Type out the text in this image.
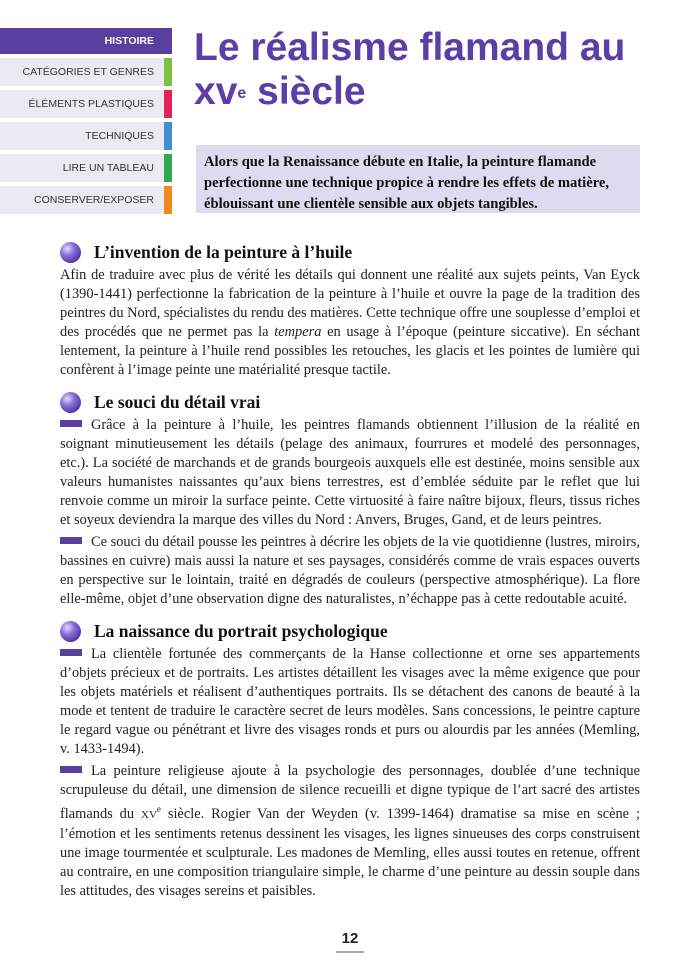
HISTOIRE
CATÉGORIES ET GENRES
ÉLÉMENTS PLASTIQUES
TECHNIQUES
LIRE UN TABLEAU
CONSERVER/EXPOSER
Le réalisme flamand au
$xv^e$ siècle
Alors que la Renaissance débute en Italie, la peinture flamande perfectionne une technique propice à rendre les effets de matière, éblouissant une clientèle sensible aux objets tangibles.
L’invention de la peinture à l’huile

Afin de traduire avec plus de vérité les détails qui donnent une réalité aux sujets peints, Van Eyck (1390-1441) perfectionne la fabrication de la peinture à l’huile et ouvre la page de la tradition des peintres du Nord, spécialistes du rendu des matières. Cette technique offre une souplesse d’emploi et des procédés que ne permet pas la tempera en usage à l’époque (peinture siccative). En séchant lentement, la peinture à l’huile rend possibles les retouches, les glacis et les pointes de lumière qui confèrent à l’image peinte une matérialité presque tactile.

Le souci du détail vrai

Grâce à la peinture à l’huile, les peintres flamands obtiennent l’illusion de la réalité en soignant minutieusement les détails (pelage des animaux, fourrures et modelé des personnages, etc.). La société de marchands et de grands bourgeois auxquels elle est destinée, moins sensible aux valeurs humanistes naissantes qu’aux biens terrestres, est d’emblée séduite par le reflet que lui renvoie comme un miroir la surface peinte. Cette virtuosité à faire naître bijoux, fleurs, tissus riches et soyeux deviendra la marque des villes du Nord : Anvers, Bruges, Gand, et de leurs peintres.

Ce souci du détail pousse les peintres à décrire les objets de la vie quotidienne (lustres, miroirs, bassines en cuivre) mais aussi la nature et ses paysages, considérés comme de vrais espaces ouverts en perspective sur le lointain, traité en dégradés de couleurs (perspective atmosphérique). La flore elle-même, objet d’une observation digne des naturalistes, n’échappe pas à cette redoutable acuité.

La naissance du portrait psychologique

La clientèle fortunée des commerçants de la Hanse collectionne et orne ses appartements d’objets précieux et de portraits. Les artistes détaillent les visages avec la même exigence que pour les objets matériels et réalisent d’authentiques portraits. Ils se détachent des canons de beauté à la mode et tentent de traduire le caractère secret de leurs modèles. Sans concessions, le peintre capture le regard vague ou pénétrant et livre des visages ronds et purs ou alourdis par les années (Memling, v. 1433-1494).

La peinture religieuse ajoute à la psychologie des personnages, doublée d’une technique scrupuleuse du détail, une dimension de silence recueilli et digne typique de l’art sacré des artistes flamands du XVe siècle. Rogier Van der Weyden (v. 1399-1464) dramatise sa mise en scène ; l’émotion et les sentiments retenus dessinent les visages, les lignes sinueuses des corps construisent une image tourmentée et sculpturale. Les madones de Memling, elles aussi toutes en retenue, offrent au contraire, en une composition triangulaire simple, le charme d’une peinture au dessin souple dans les attitudes, des visages sereins et paisibles.

12
